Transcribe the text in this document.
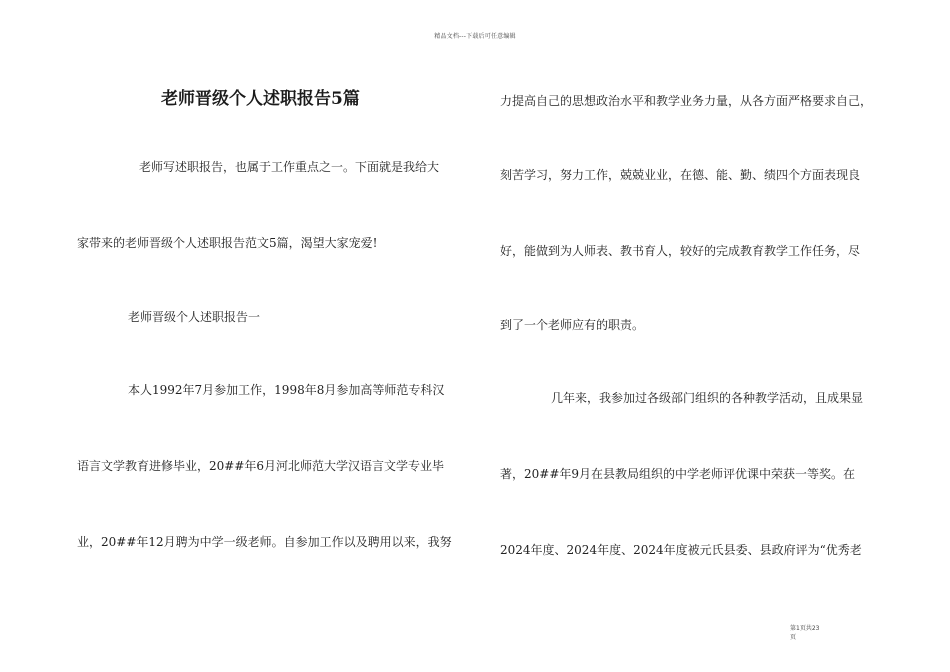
精品文档---下载后可任意编辑
老师晋级个人述职报告5篇
老师写述职报告，也属于工作重点之一。下面就是我给大
家带来的老师晋级个人述职报告范文5篇，渴望大家宠爱!
老师晋级个人述职报告一
本人1992年7月参加工作，1998年8月参加高等师范专科汉
语言文学教育进修毕业，20##年6月河北师范大学汉语言文学专业毕
业，20##年12月聘为中学一级老师。自参加工作以及聘用以来，我努
力提高自己的思想政治水平和教学业务力量，从各方面严格要求自己，
刻苦学习，努力工作，兢兢业业，在德、能、勤、绩四个方面表现良
好，能做到为人师表、教书育人，较好的完成教育教学工作任务，尽
到了一个老师应有的职责。
几年来，我参加过各级部门组织的各种教学活动，且成果显
著，20##年9月在县教局组织的中学老师评优课中荣获一等奖。在
2024年度、2024年度、2024年度被元氏县委、县政府评为“优秀老
第1页共23
页
